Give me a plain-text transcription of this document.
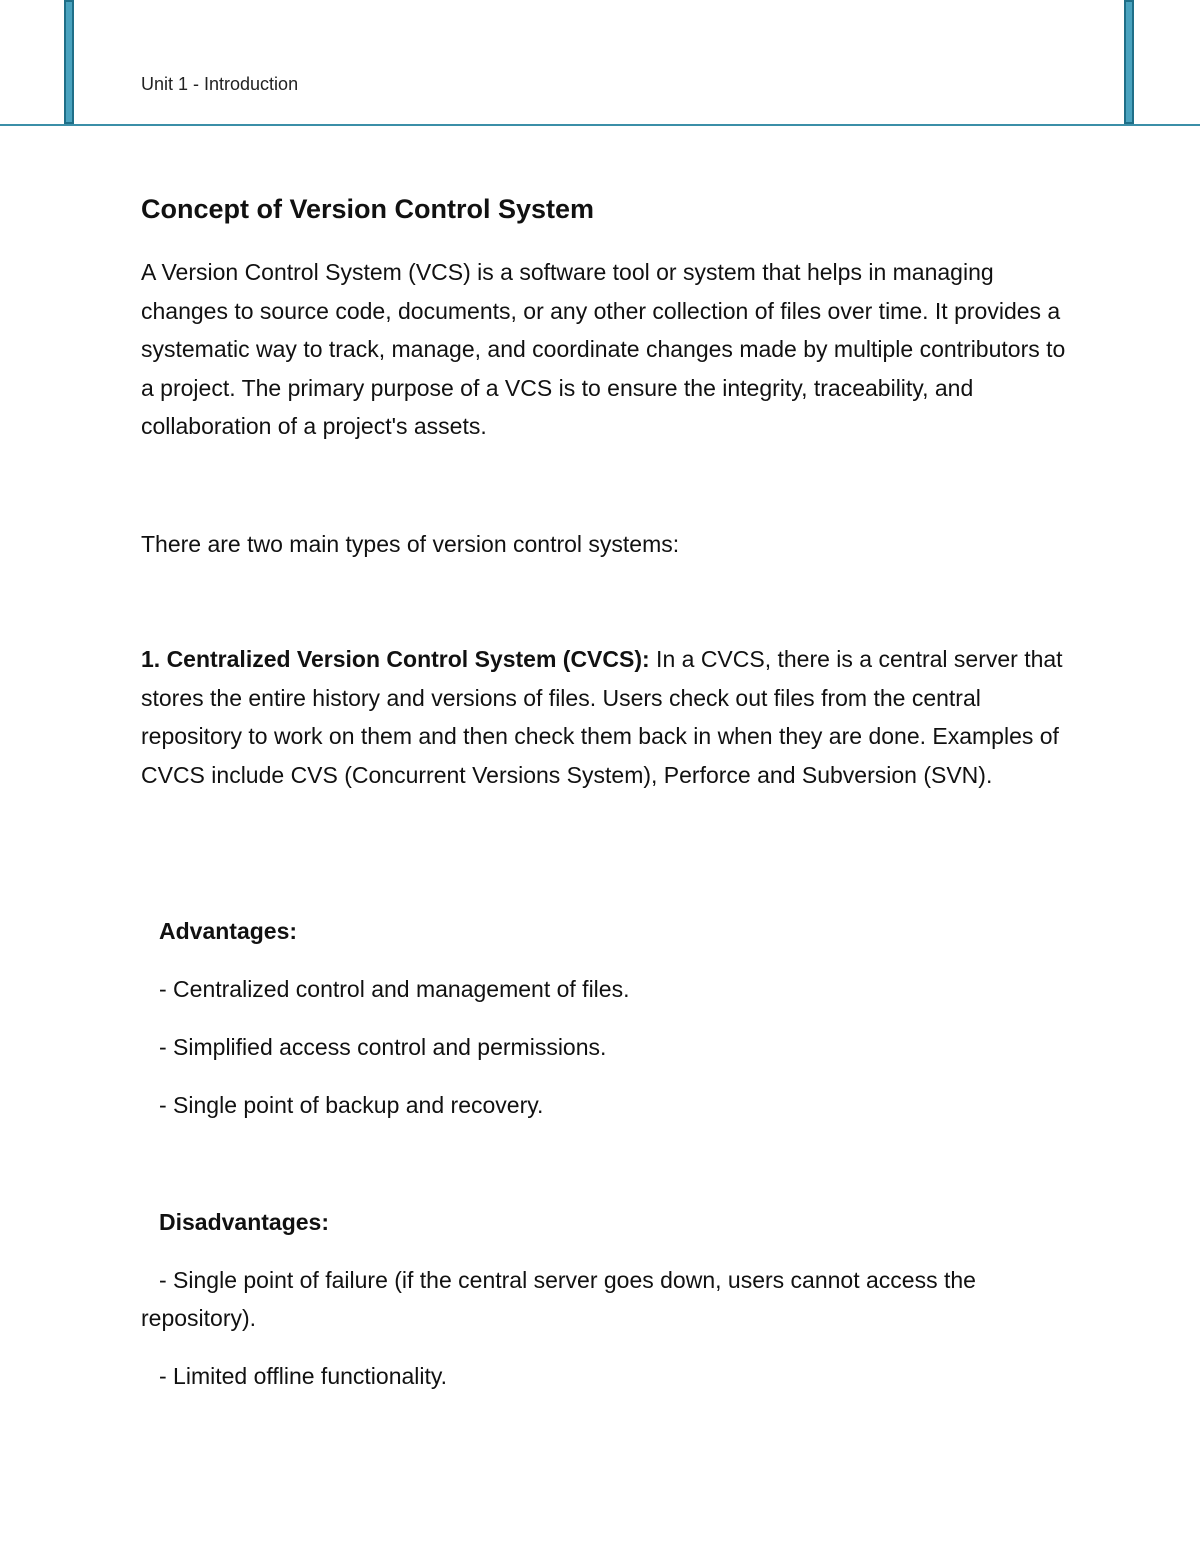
Unit 1 - Introduction
Concept of Version Control System
A Version Control System (VCS) is a software tool or system that helps in managing changes to source code, documents, or any other collection of files over time. It provides a systematic way to track, manage, and coordinate changes made by multiple contributors to a project. The primary purpose of a VCS is to ensure the integrity, traceability, and collaboration of a project's assets.
There are two main types of version control systems:
1. Centralized Version Control System (CVCS): In a CVCS, there is a central server that stores the entire history and versions of files. Users check out files from the central repository to work on them and then check them back in when they are done. Examples of CVCS include CVS (Concurrent Versions System), Perforce and Subversion (SVN).
Advantages:
- Centralized control and management of files.
- Simplified access control and permissions.
- Single point of backup and recovery.
Disadvantages:
- Single point of failure (if the central server goes down, users cannot access the
repository).
- Limited offline functionality.
